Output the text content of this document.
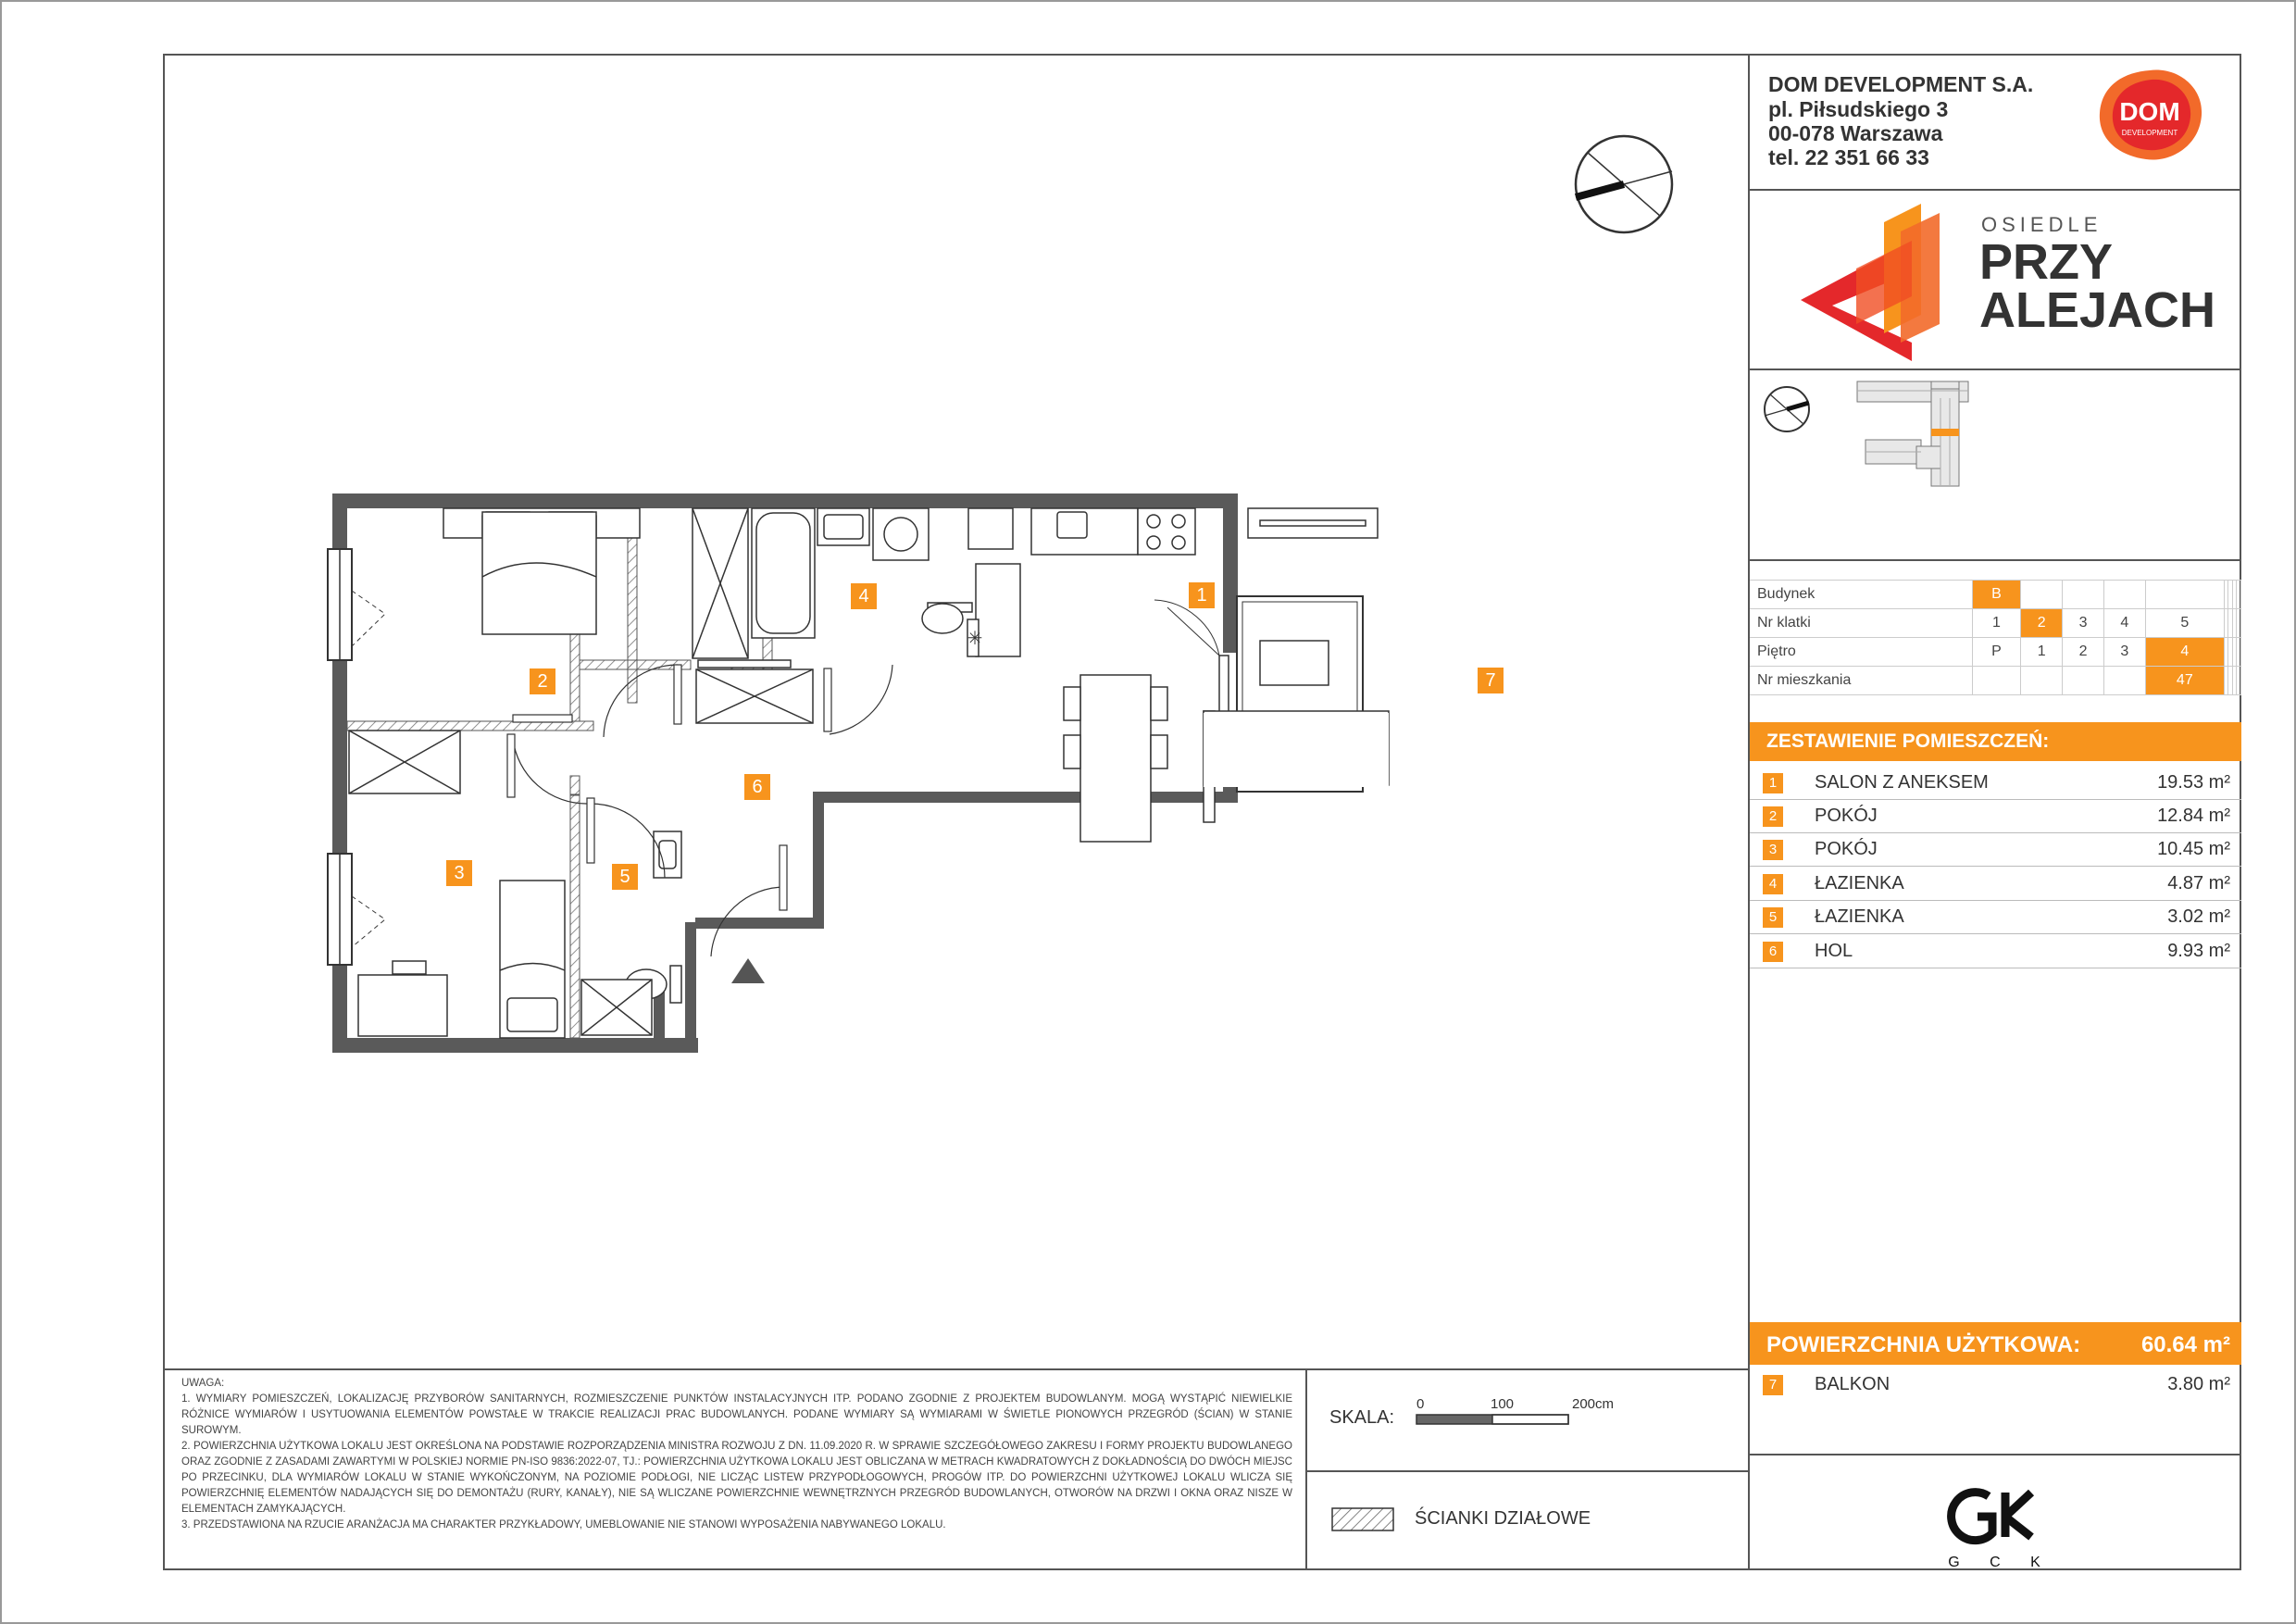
✳
1
2
3
4
5
6
7
DOM DEVELOPMENT S.A.
pl. Piłsudskiego 3
00-078 Warszawa
tel. 22 351 66 33
DOM
DEVELOPMENT
OSIEDLE
PRZY
ALEJACH
Budynek	B								
Nr klatki	1	2	3	4	5				
Piętro	P	1	2	3	4				
Nr mieszkania					47				
ZESTAWIENIE POMIESZCZEŃ:
1	SALON Z ANEKSEM	19.53 m²
2	POKÓJ	12.84 m²
3	POKÓJ	10.45 m²
4	ŁAZIENKA	4.87 m²
5	ŁAZIENKA	3.02 m²
6	HOL	9.93 m²
POWIERZCHNIA UŻYTKOWA:	60.64 m²
7	BALKON	3.80 m²
G C K

UWAGA:

1. WYMIARY POMIESZCZEŃ, LOKALIZACJĘ PRZYBORÓW SANITARNYCH, ROZMIESZCZENIE PUNKTÓW INSTALACYJNYCH ITP. PODANO ZGODNIE Z PROJEKTEM BUDOWLANYM. MOGĄ WYSTĄPIĆ NIEWIELKIE RÓŻNICE WYMIARÓW I USYTUOWANIA ELEMENTÓW POWSTAŁE W TRAKCIE REALIZACJI PRAC BUDOWLANYCH. PODANE WYMIARY SĄ WYMIARAMI W ŚWIETLE PIONOWYCH PRZEGRÓD (ŚCIAN) W STANIE SUROWYM.

2. POWIERZCHNIA UŻYTKOWA LOKALU JEST OKREŚLONA NA PODSTAWIE ROZPORZĄDZENIA MINISTRA ROZWOJU Z DN. 11.09.2020 R. W SPRAWIE SZCZEGÓŁOWEGO ZAKRESU I FORMY PROJEKTU BUDOWLANEGO ORAZ ZGODNIE Z ZASADAMI ZAWARTYMI W POLSKIEJ NORMIE PN-ISO 9836:2022-07, TJ.: POWIERZCHNIA UŻYTKOWA LOKALU JEST OBLICZANA W METRACH KWADRATOWYCH Z DOKŁADNOŚCIĄ DO DWÓCH MIEJSC PO PRZECINKU, DLA WYMIARÓW LOKALU W STANIE WYKOŃCZONYM, NA POZIOMIE PODŁOGI, NIE LICZĄC LISTEW PRZYPODŁOGOWYCH, PROGÓW ITP. DO POWIERZCHNI UŻYTKOWEJ LOKALU WLICZA SIĘ POWIERZCHNIĘ ELEMENTÓW NADAJĄCYCH SIĘ DO DEMONTAŻU (RURY, KANAŁY), NIE SĄ WLICZANE POWIERZCHNIE WEWNĘTRZNYCH PRZEGRÓD BUDOWLANYCH, OTWORÓW NA DRZWI I OKNA ORAZ NISZE W ELEMENTACH ZAMYKAJĄCYCH.

3. PRZEDSTAWIONA NA RZUCIE ARANŻACJA MA CHARAKTER PRZYKŁADOWY, UMEBLOWANIE NIE STANOWI WYPOSAŻENIA NABYWANEGO LOKALU.

SKALA:
0	100	200cm
ŚCIANKI DZIAŁOWE
